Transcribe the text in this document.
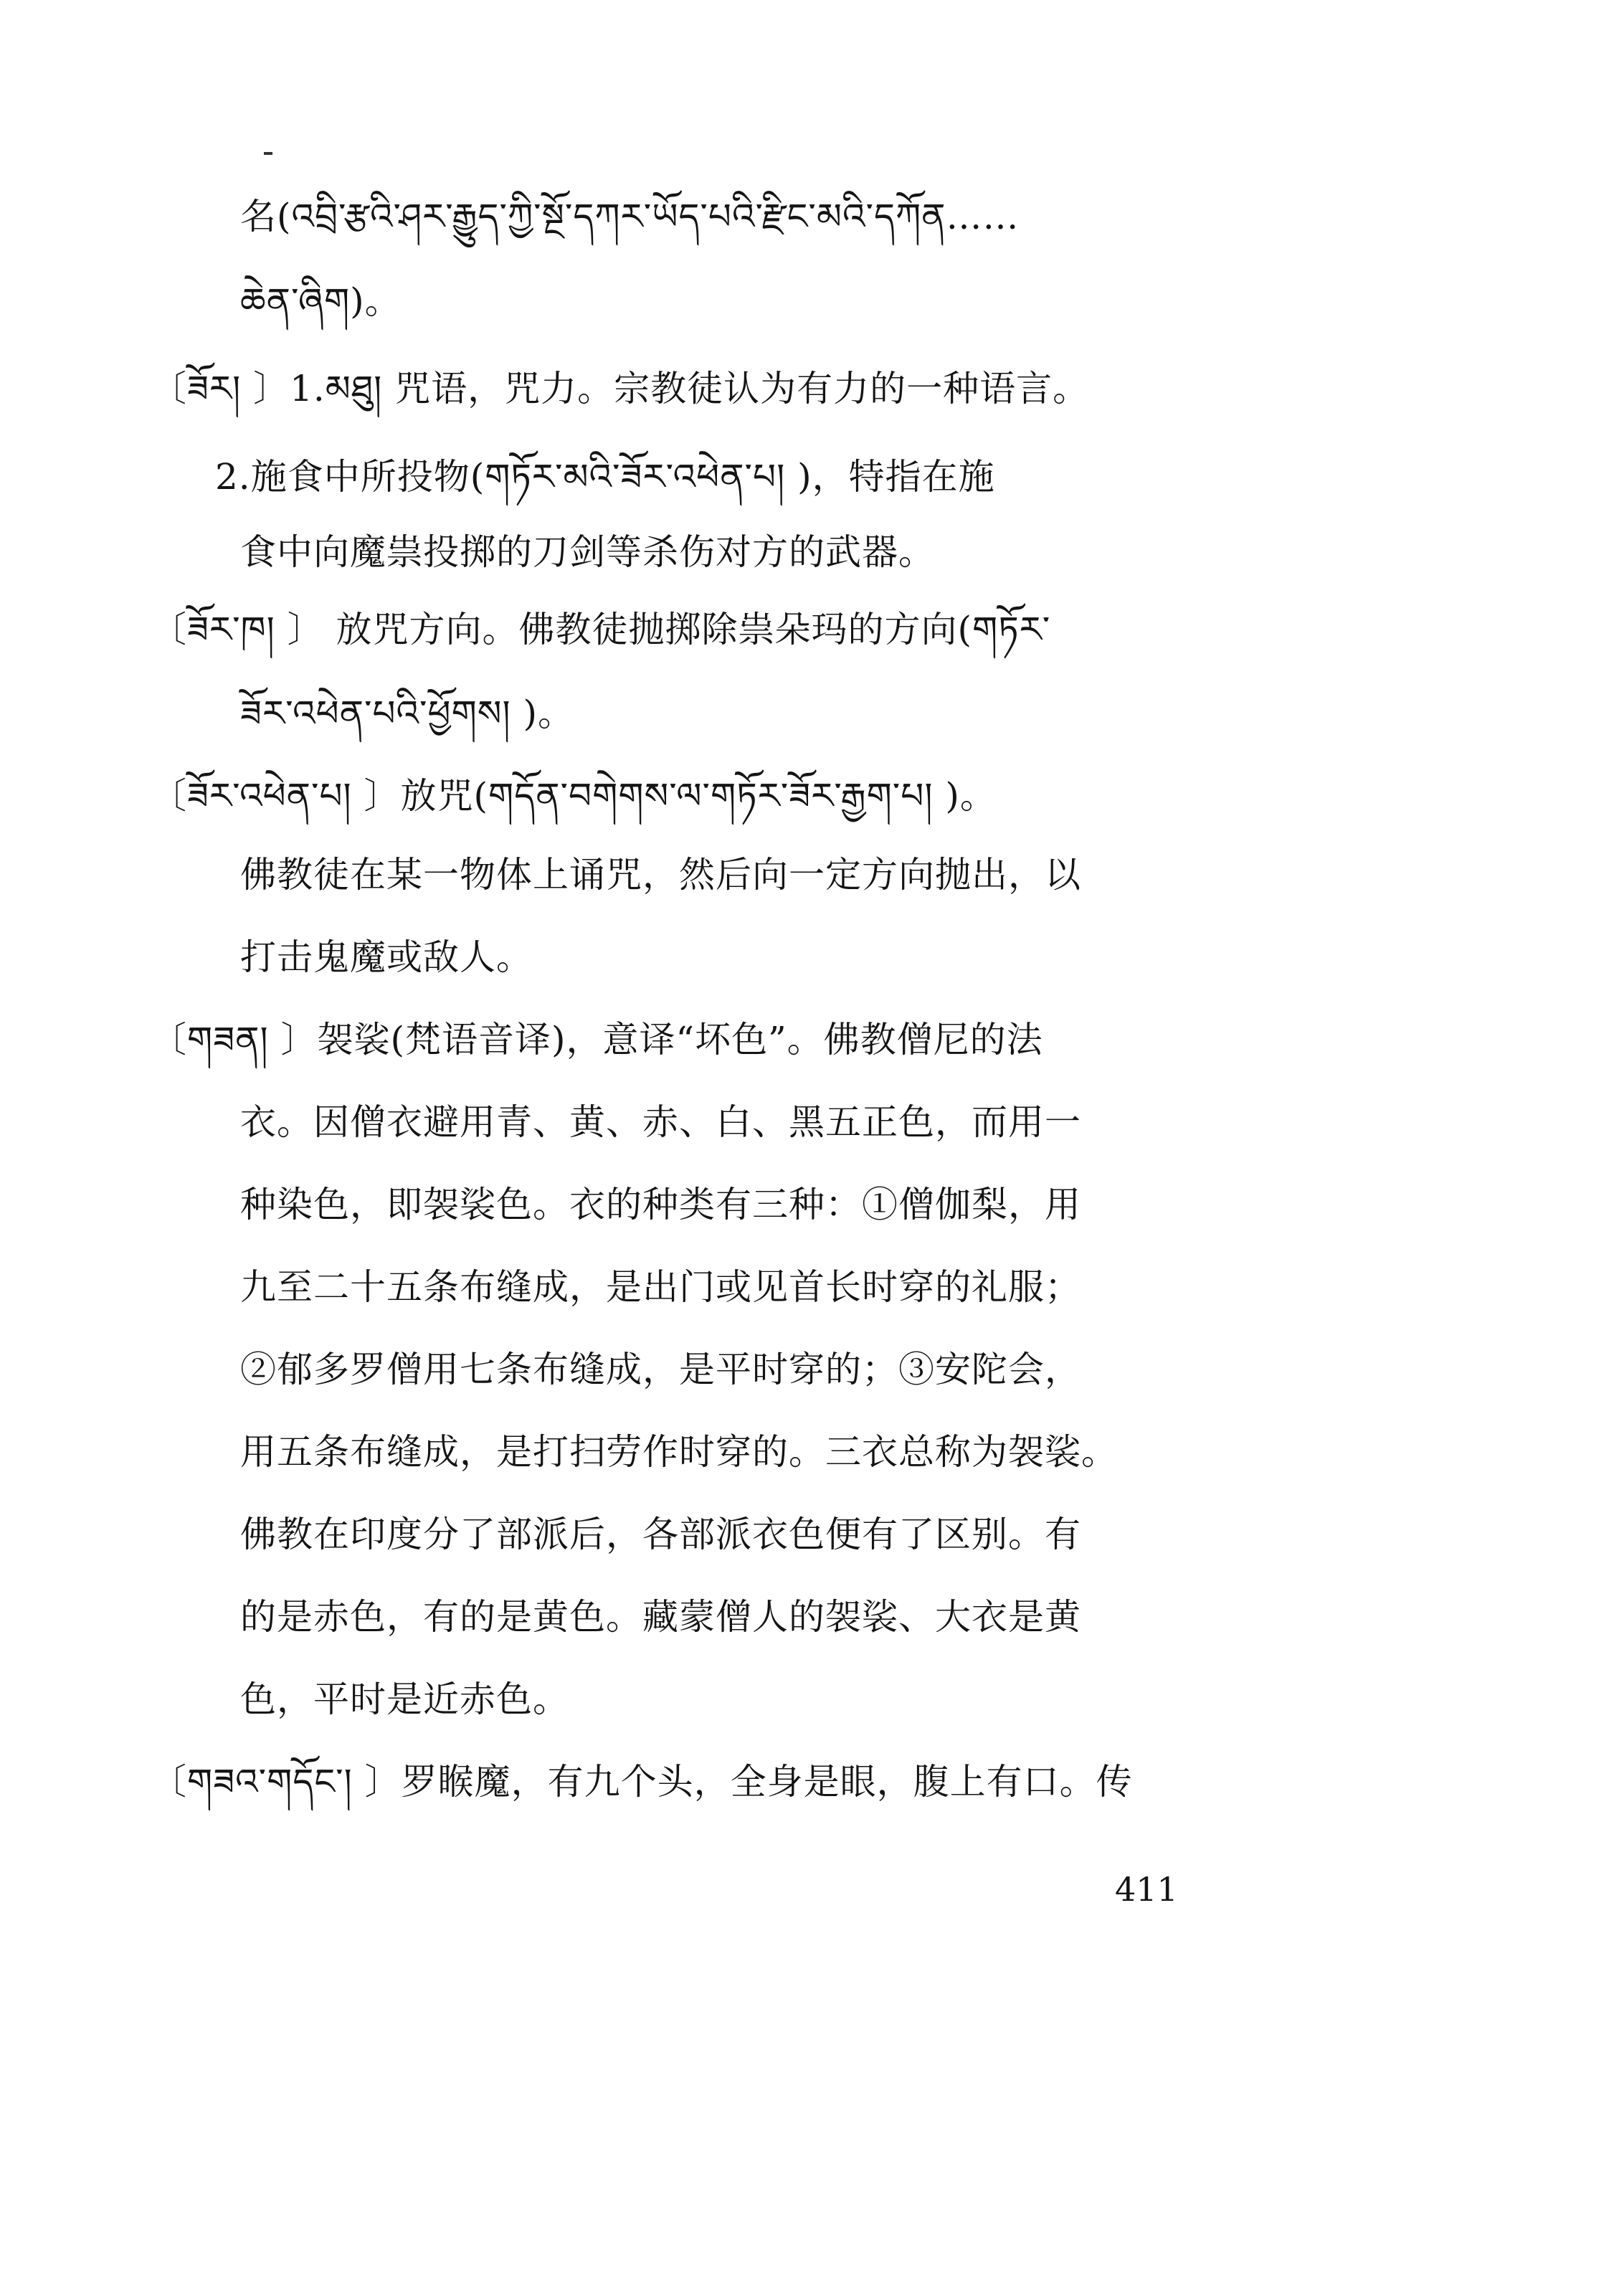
名(འབྲི་རྩའི་ཤར་རྒྱུད་ཀྱི་སྔོ་དཀར་ཡོད་པའི་རྫིང་མའི་དཀོན……
ཆེན་ཞིག)。
〔ཟོར། 〕1.མཐུ། 咒语，咒力。宗教徒认为有力的一种语言。
2.施食中所投物(གཏོར་མའི་ཟོར་འཕེན་པ། )，特指在施
食中向魔祟投掷的刀剑等杀伤对方的武器。
〔ཟོར་ཁ། 〕 放咒方向。佛教徒抛掷除祟朵玛的方向(གཏོར་
ཟོར་འཕེན་པའི་ཕྱོགས། )。
〔ཟོར་འཕེན་པ། 〕放咒(གདོན་བགེགས་ལ་གཏོར་ཟོར་རྒྱག་པ། )。
佛教徒在某一物体上诵咒，然后向一定方向抛出，以
打击鬼魔或敌人。
〔གཟན། 〕袈裟(梵语音译)，意译“坏色”。佛教僧尼的法
衣。因僧衣避用青、黄、赤、白、黑五正色，而用一
种染色，即袈裟色。衣的种类有三种：①僧伽梨，用
九至二十五条布缝成，是出门或见首长时穿的礼服；
②郁多罗僧用七条布缝成，是平时穿的；③安陀会，
用五条布缝成，是打扫劳作时穿的。三衣总称为袈裟。
佛教在印度分了部派后，各部派衣色便有了区别。有
的是赤色，有的是黄色。藏蒙僧人的袈裟、大衣是黄
色，平时是近赤色。
〔གཟའ་གདོང་། 〕罗睺魔，有九个头，全身是眼，腹上有口。传
411
